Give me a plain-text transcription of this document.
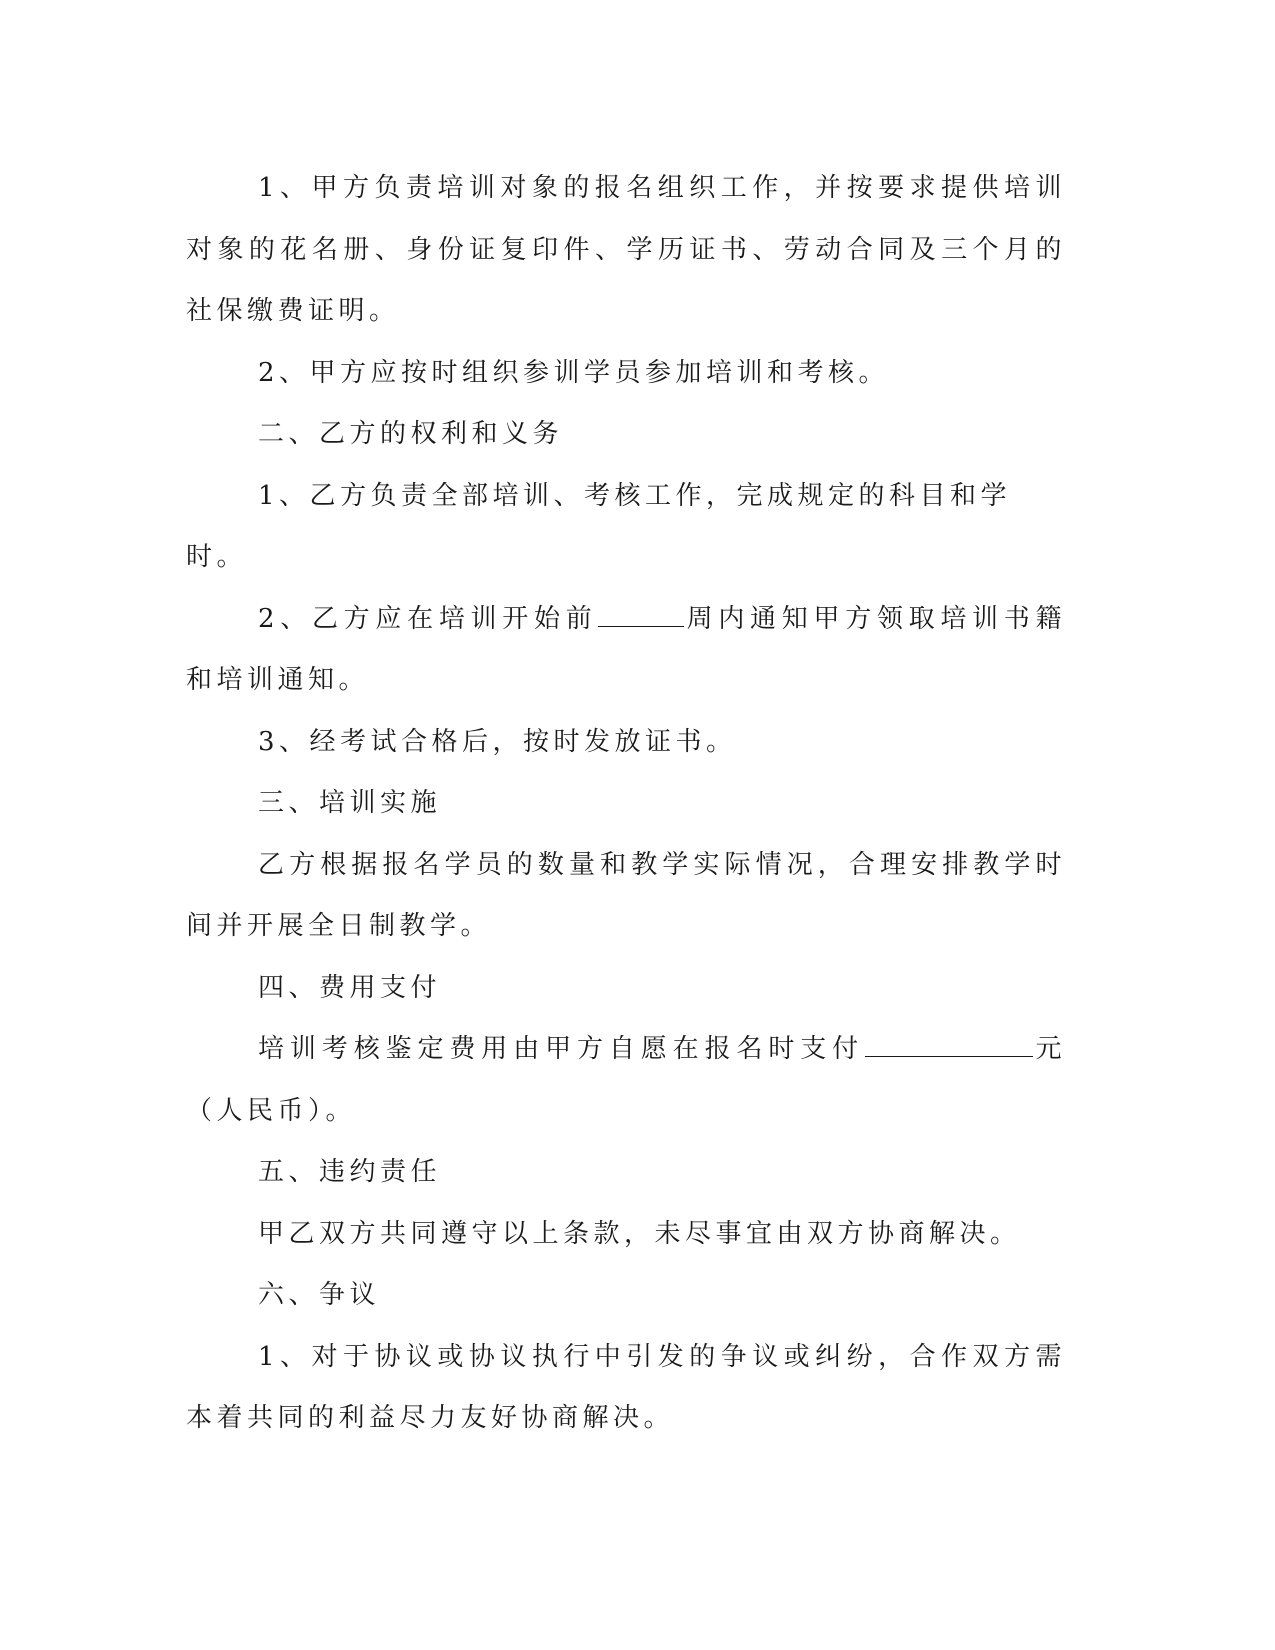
1、甲方负责培训对象的报名组织工作，并按要求提供培训对象的花名册、身份证复印件、学历证书、劳动合同及三个月的社保缴费证明。

2、甲方应按时组织参训学员参加培训和考核。

二、乙方的权利和义务

1、乙方负责全部培训、考核工作，完成规定的科目和学时。

2、乙方应在培训开始前	周内通知甲方领取培训书籍和培训通知。

3、经考试合格后，按时发放证书。

三、培训实施

乙方根据报名学员的数量和教学实际情况，合理安排教学时间并开展全日制教学。

四、费用支付

培训考核鉴定费用由甲方自愿在报名时支付	元（人民币）。

五、违约责任

甲乙双方共同遵守以上条款，未尽事宜由双方协商解决。

六、争议

1、对于协议或协议执行中引发的争议或纠纷，合作双方需本着共同的利益尽力友好协商解决。
